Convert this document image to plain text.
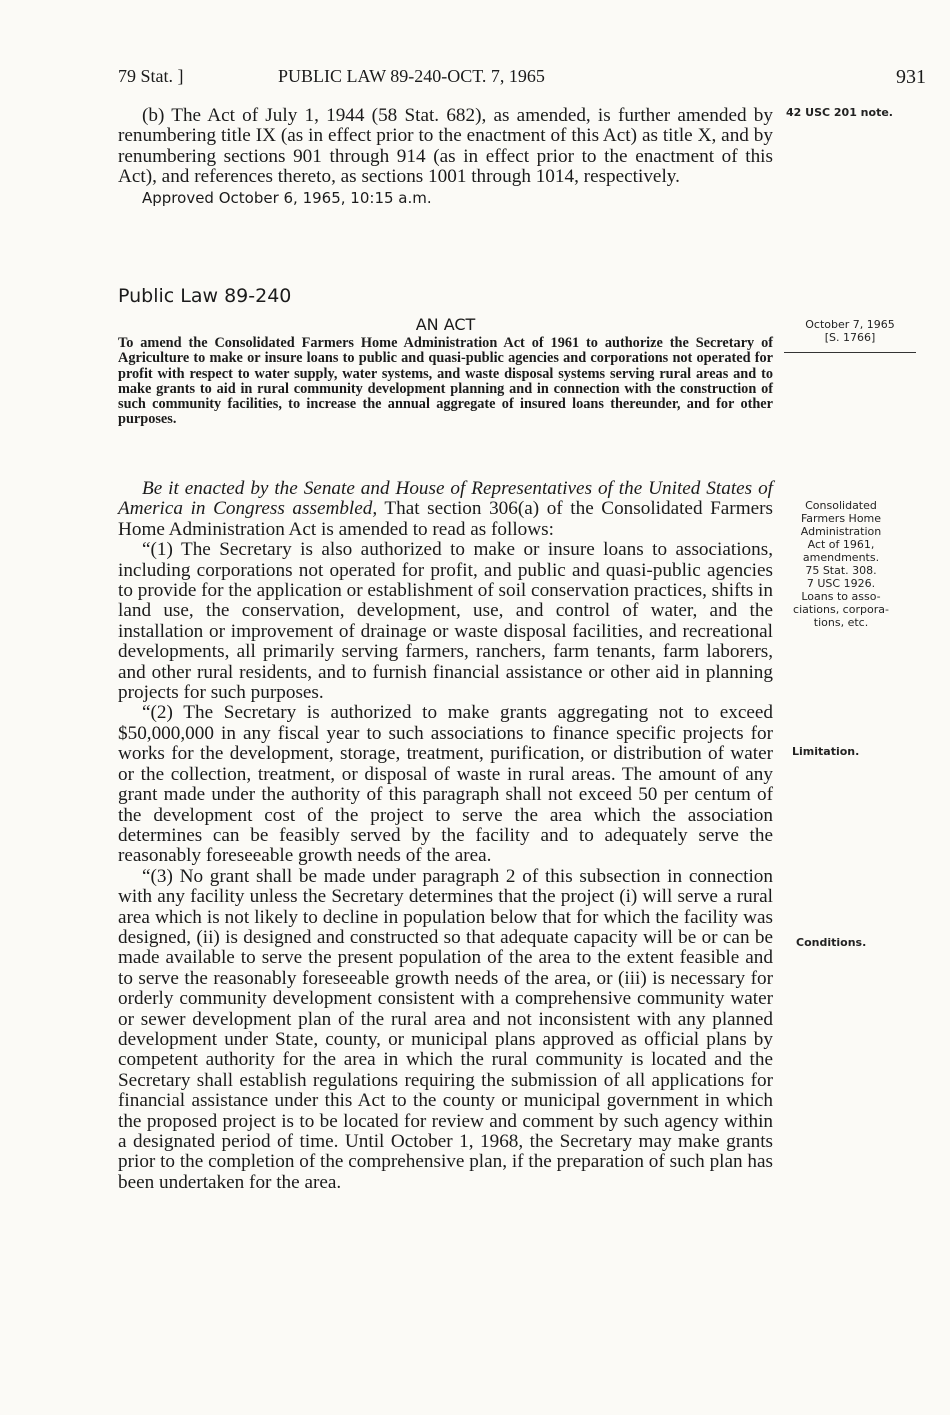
79 Stat. ]	PUBLIC LAW 89-240-OCT. 7, 1965	931

(b) The Act of July 1, 1944 (58 Stat. 682), as amended, is further amended by renumbering title IX (as in effect prior to the enactment of this Act) as title X, and by renumbering sections 901 through 914 (as in effect prior to the enactment of this Act), and references thereto, as sections 1001 through 1014, respectively.

Approved October 6, 1965, 10:15 a.m.

Public Law 89-240
AN ACT

To amend the Consolidated Farmers Home Administration Act of 1961 to authorize the Secretary of Agriculture to make or insure loans to public and quasi-public agencies and corporations not operated for profit with respect to water supply, water systems, and waste disposal systems serving rural areas and to make grants to aid in rural community development planning and in connection with the construction of such community facilities, to increase the annual aggregate of insured loans thereunder, and for other purposes.

Be it enacted by the Senate and House of Representatives of the United States of America in Congress assembled, That section 306(a) of the Consolidated Farmers Home Administration Act is amended to read as follows:

“(1) The Secretary is also authorized to make or insure loans to associations, including corporations not operated for profit, and public and quasi-public agencies to provide for the application or establishment of soil conservation practices, shifts in land use, the conservation, development, use, and control of water, and the installation or improvement of drainage or waste disposal facilities, and recreational developments, all primarily serving farmers, ranchers, farm tenants, farm laborers, and other rural residents, and to furnish financial assistance or other aid in planning projects for such purposes.

“(2) The Secretary is authorized to make grants aggregating not to exceed $50,000,000 in any fiscal year to such associations to finance specific projects for works for the development, storage, treatment, purification, or distribution of water or the collection, treatment, or disposal of waste in rural areas. The amount of any grant made under the authority of this paragraph shall not exceed 50 per centum of the development cost of the project to serve the area which the association determines can be feasibly served by the facility and to adequately serve the reasonably foreseeable growth needs of the area.

“(3) No grant shall be made under paragraph 2 of this subsection in connection with any facility unless the Secretary determines that the project (i) will serve a rural area which is not likely to decline in population below that for which the facility was designed, (ii) is designed and constructed so that adequate capacity will be or can be made available to serve the present population of the area to the extent feasible and to serve the reasonably foreseeable growth needs of the area, or (iii) is necessary for orderly community development consistent with a comprehensive community water or sewer development plan of the rural area and not inconsistent with any planned development under State, county, or municipal plans approved as official plans by competent authority for the area in which the rural community is located and the Secretary shall establish regulations requiring the submission of all applications for financial assistance under this Act to the county or municipal government in which the proposed project is to be located for review and comment by such agency within a designated period of time. Until October 1, 1968, the Secretary may make grants prior to the completion of the comprehensive plan, if the preparation of such plan has been undertaken for the area.

42 USC 201 note.
October 7, 1965
[S. 1766]
Consolidated
Farmers Home
Administration
Act of 1961,
amendments.
75 Stat. 308.
7 USC 1926.
Loans to asso-
ciations, corpora-
tions, etc.
Limitation.
Conditions.
